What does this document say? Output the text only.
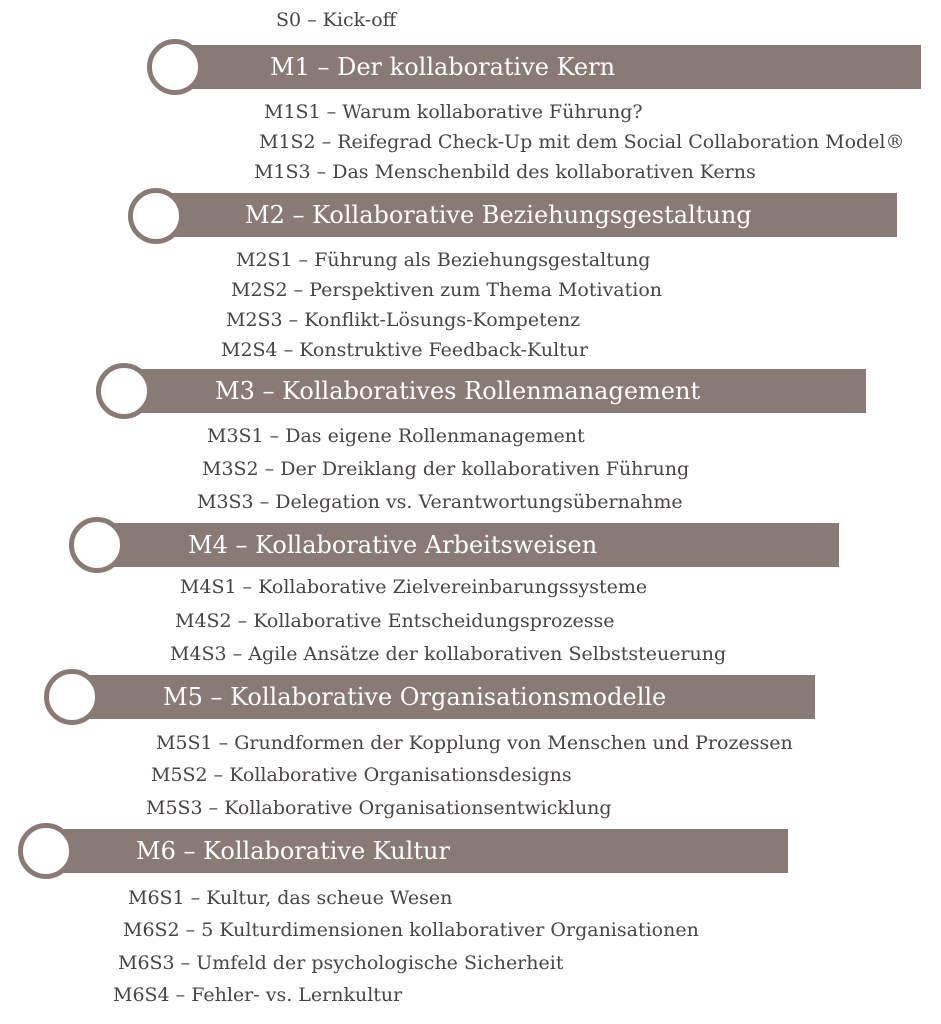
S0 – Kick-off
M1 – Der kollaborative Kern
M1S1 – Warum kollaborative Führung?
M1S2 – Reifegrad Check-Up mit dem Social Collaboration Model®
M1S3 – Das Menschenbild des kollaborativen Kerns
M2 – Kollaborative Beziehungsgestaltung
M2S1 – Führung als Beziehungsgestaltung
M2S2 – Perspektiven zum Thema Motivation
M2S3 – Konflikt-Lösungs-Kompetenz
M2S4 – Konstruktive Feedback-Kultur
M3 – Kollaboratives Rollenmanagement
M3S1 – Das eigene Rollenmanagement
M3S2 – Der Dreiklang der kollaborativen Führung
M3S3 – Delegation vs. Verantwortungsübernahme
M4 – Kollaborative Arbeitsweisen
M4S1 – Kollaborative Zielvereinbarungssysteme
M4S2 – Kollaborative Entscheidungsprozesse
M4S3 – Agile Ansätze der kollaborativen Selbststeuerung
M5 – Kollaborative Organisationsmodelle
M5S1 – Grundformen der Kopplung von Menschen und Prozessen
M5S2 – Kollaborative Organisationsdesigns
M5S3 – Kollaborative Organisationsentwicklung
M6 – Kollaborative Kultur
M6S1 – Kultur, das scheue Wesen
M6S2 – 5 Kulturdimensionen kollaborativer Organisationen
M6S3 – Umfeld der psychologische Sicherheit
M6S4 – Fehler- vs. Lernkultur
